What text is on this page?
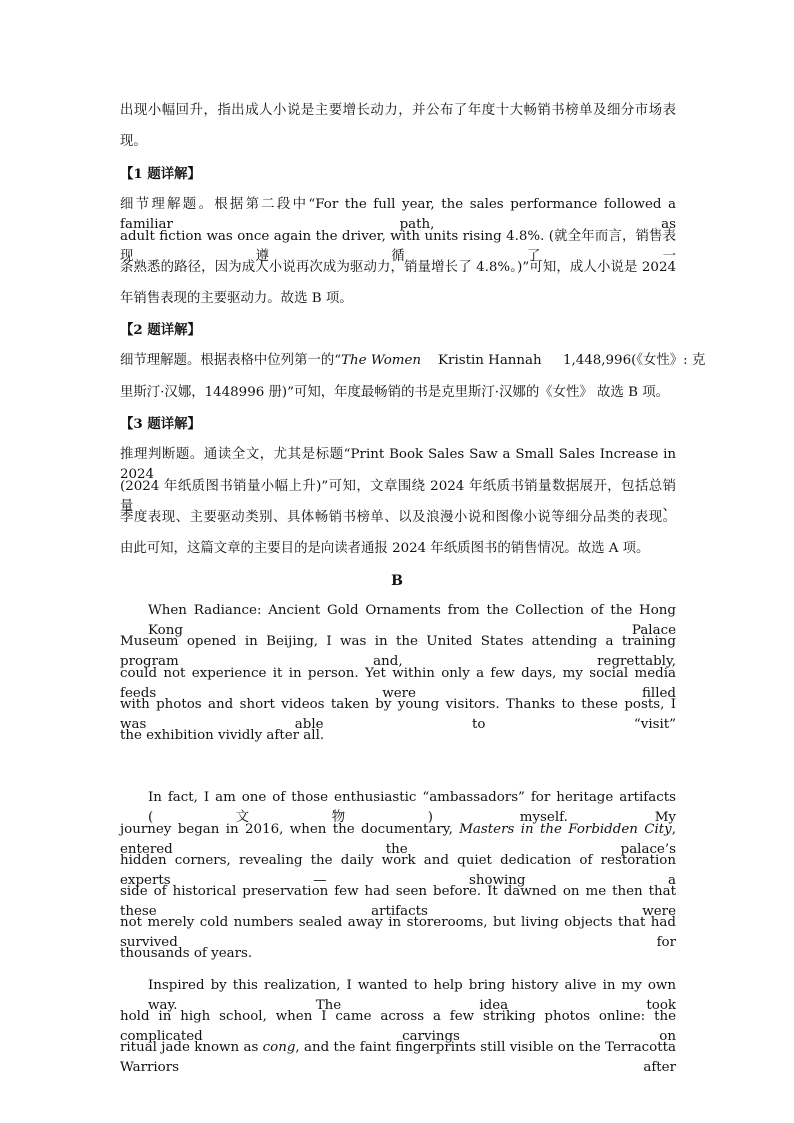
出现小幅回升，指出成人小说是主要增长动力，并公布了年度十大畅销书榜单及细分市场表
现。
【1 题详解】
细节理解题。根据第二段中“For the full year, the sales performance followed a familiar path, as
adult fiction was once again the driver, with units rising 4.8%. (就全年而言，销售表现遵循了一
条熟悉的路径，因为成人小说再次成为驱动力，销量增长了 4.8%。)”可知，成人小说是 2024
年销售表现的主要驱动力。故选 B 项。
【2 题详解】
细节理解题。根据表格中位列第一的“The Women    Kristin Hannah     1,448,996(《女性》: 克
里斯汀·汉娜，1448996 册)”可知，年度最畅销的书是克里斯汀·汉娜的《女性》 故选 B 项。
【3 题详解】
推理判断题。通读全文，尤其是标题“Print Book Sales Saw a Small Sales Increase in 2024
(2024 年纸质图书销量小幅上升)”可知，文章围绕 2024 年纸质书销量数据展开，包括总销量、
季度表现、主要驱动类别、具体畅销书榜单、以及浪漫小说和图像小说等细分品类的表现。
由此可知，这篇文章的主要目的是向读者通报 2024 年纸质图书的销售情况。故选 A 项。
B
When Radiance: Ancient Gold Ornaments from the Collection of the Hong Kong Palace
Museum opened in Beijing, I was in the United States attending a training program and, regrettably,
could not experience it in person. Yet within only a few days, my social media feeds were filled
with photos and short videos taken by young visitors. Thanks to these posts, I was able to “visit”
the exhibition vividly after all.
In fact, I am one of those enthusiastic “ambassadors” for heritage artifacts (文物) myself. My
journey began in 2016, when the documentary, Masters in the Forbidden City, entered the palace’s
hidden corners, revealing the daily work and quiet dedication of restoration experts — showing a
side of historical preservation few had seen before. It dawned on me then that these artifacts were
not merely cold numbers sealed away in storerooms, but living objects that had survived for
thousands of years.
Inspired by this realization, I wanted to help bring history alive in my own way. The idea took
hold in high school, when I came across a few striking photos online: the complicated carvings on
ritual jade known as cong, and the faint fingerprints still visible on the Terracotta Warriors after
